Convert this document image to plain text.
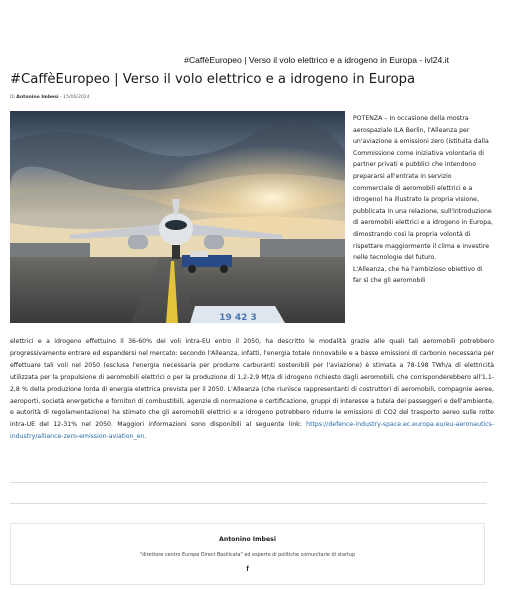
#CaffèEuropeo | Verso il volo elettrico e a idrogeno in Europa - ivl24.it
#CaffèEuropeo | Verso il volo elettrico e a idrogeno in Europa
Di Antonino Imbesi - 15/06/2024
19 42 3

POTENZA – In occasione della mostra aerospaziale ILA Berlin, l'Alleanza per un'aviazione a emissioni zero (istituita dalla Commissione come iniziativa volontaria di partner privati e pubblici che intendono prepararsi all'entrata in servizio commerciale di aeromobili elettrici e a idrogeno) ha illustrato la propria visione, pubblicata in una relazione, sull'introduzione di aeromobili elettrici e a idrogeno in Europa, dimostrando così la propria volontà di rispettare maggiormente il clima e investire nelle tecnologie del futuro.

L'Alleanza, che ha l'ambizioso obiettivo di far sì che gli aeromobili

elettrici e a idrogeno effettuino il 36-60% dei voli intra-EU entro il 2050, ha descritto le modalità grazie alle quali tali aeromobili potrebbero progressivamente entrare ed espandersi nel mercato: secondo l'Alleanza, infatti, l'energia totale rinnovabile e a basse emissioni di carbonio necessaria per effettuare tali voli nel 2050 (esclusa l'energia necessaria per produrre carburanti sostenibili per l'aviazione) è stimata a 78-198 TWh/a di elettricità utilizzata per la propulsione di aeromobili elettrici o per la produzione di 1,2-2,9 Mt/a di idrogeno richiesto dagli aeromobili, che corrisponderebbero all'1,1-2,8 % della produzione lorda di energia elettrica prevista per il 2050. L'Alleanza (che riunisce rappresentanti di costruttori di aeromobili, compagnie aeree, aeroporti, società energetiche e fornitori di combustibili, agenzie di normazione e certificazione, gruppi di interesse a tutela dei passeggeri e dell'ambiente, e autorità di regolamentazione) ha stimato che gli aeromobili elettrici e a idrogeno potrebbero ridurre le emissioni di CO2 del trasporto aereo sulle rotte intra-UE del 12-31% nel 2050. Maggiori informazioni sono disponibili al seguente link: https://defence-industry-space.ec.europa.eu/eu-aeronautics-industry/alliance-zero-emission-aviation_en.

Antonino Imbesi
"direttore centro Europe Direct Basilicata" ed esperto di politiche comunitarie di startup
f
